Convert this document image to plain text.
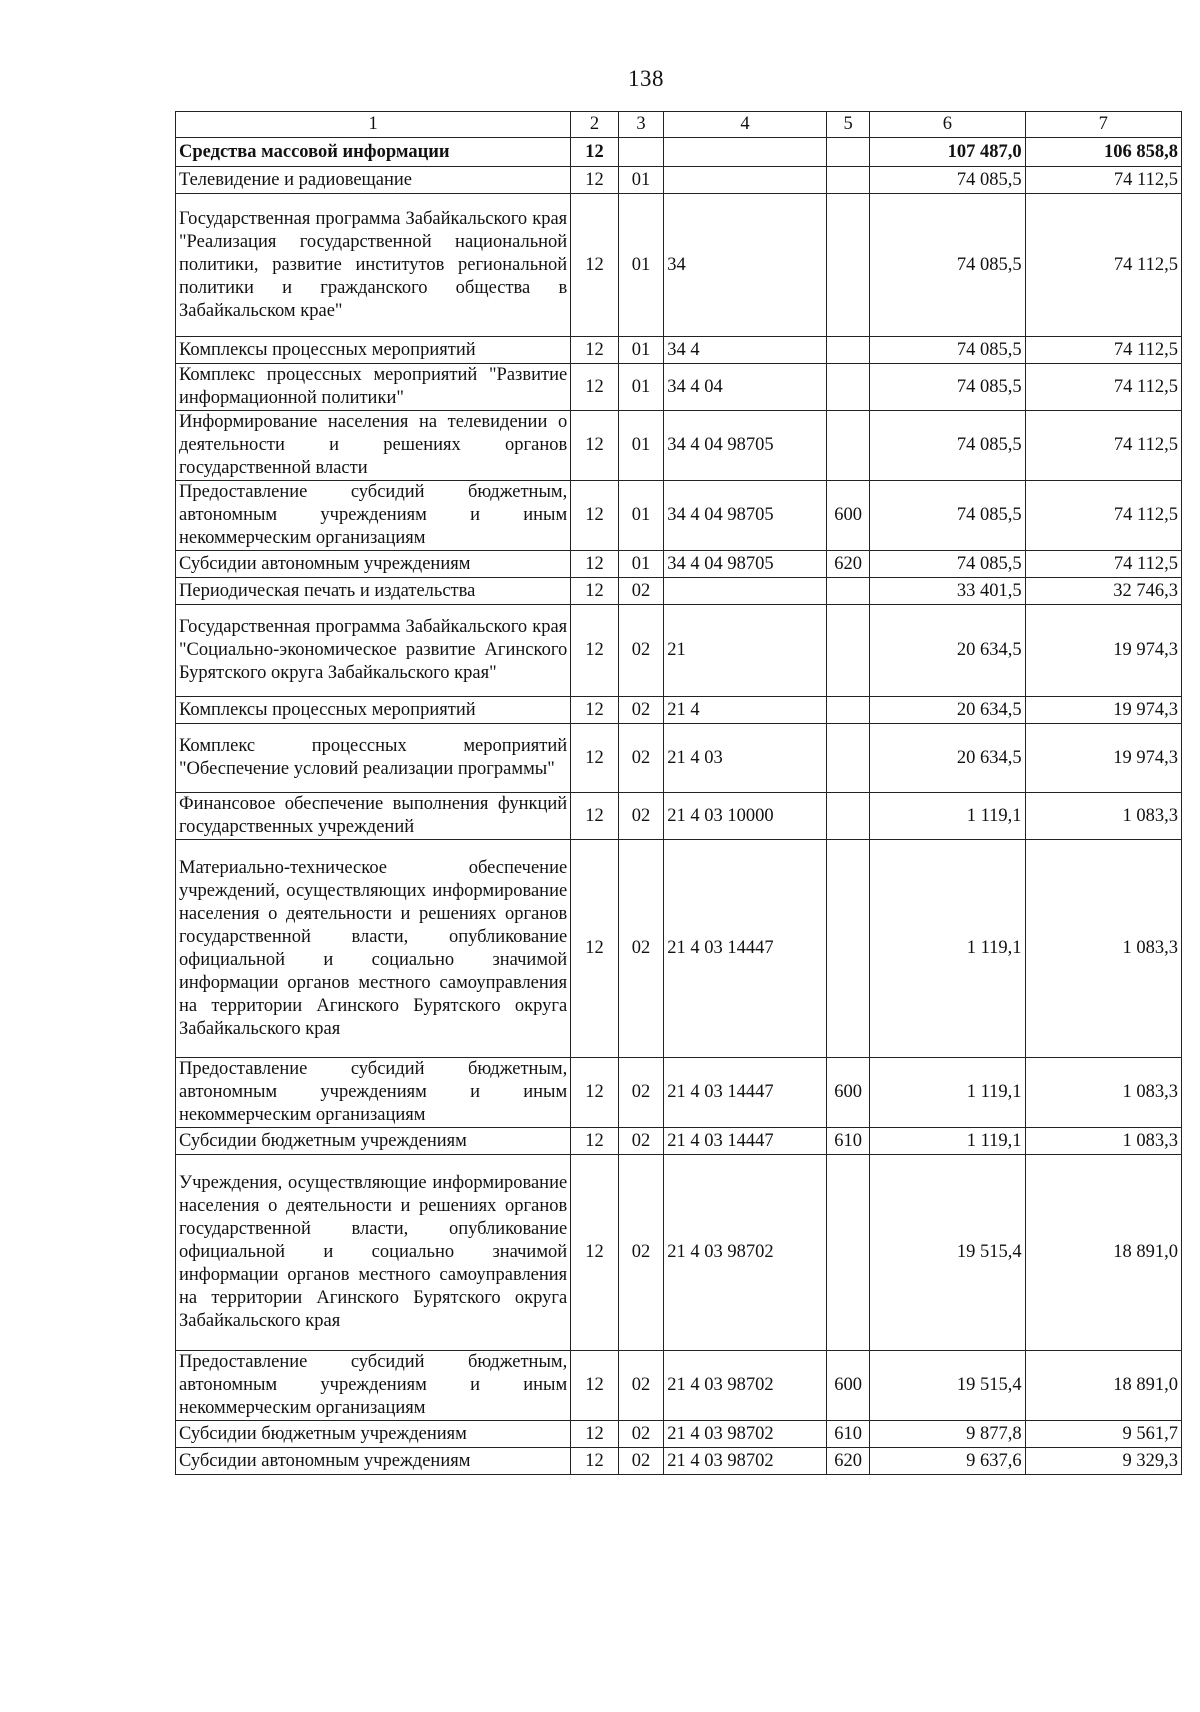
138
1	2	3	4	5	6	7
Средства массовой информации	12				107 487,0	106 858,8
Телевидение и радиовещание	12	01			74 085,5	74 112,5
Государственная программа Забайкальского края "Реализация государственной национальной политики, развитие институтов региональной политики и гражданского общества в Забайкальском крае"	12	01	34		74 085,5	74 112,5
Комплексы процессных мероприятий	12	01	34 4		74 085,5	74 112,5
Комплекс процессных мероприятий "Развитие информационной политики"	12	01	34 4 04		74 085,5	74 112,5
Информирование населения на телевидении о деятельности и решениях органов государственной власти	12	01	34 4 04 98705		74 085,5	74 112,5
Предоставление субсидий бюджетным, автономным учреждениям и иным некоммерческим организациям	12	01	34 4 04 98705	600	74 085,5	74 112,5
Субсидии автономным учреждениям	12	01	34 4 04 98705	620	74 085,5	74 112,5
Периодическая печать и издательства	12	02			33 401,5	32 746,3
Государственная программа Забайкальского края "Социально-экономическое развитие Агинского Бурятского округа Забайкальского края"	12	02	21		20 634,5	19 974,3
Комплексы процессных мероприятий	12	02	21 4		20 634,5	19 974,3
Комплекс процессных мероприятий "Обеспечение условий реализации программы"	12	02	21 4 03		20 634,5	19 974,3
Финансовое обеспечение выполнения функций государственных учреждений	12	02	21 4 03 10000		1 119,1	1 083,3
Материально-техническое обеспечение учреждений, осуществляющих информирование населения о деятельности и решениях органов государственной власти, опубликование официальной и социально значимой информации органов местного самоуправления на территории Агинского Бурятского округа Забайкальского края	12	02	21 4 03 14447		1 119,1	1 083,3
Предоставление субсидий бюджетным, автономным учреждениям и иным некоммерческим организациям	12	02	21 4 03 14447	600	1 119,1	1 083,3
Субсидии бюджетным учреждениям	12	02	21 4 03 14447	610	1 119,1	1 083,3
Учреждения, осуществляющие информирование населения о деятельности и решениях органов государственной власти, опубликование официальной и социально значимой информации органов местного самоуправления на территории Агинского Бурятского округа Забайкальского края	12	02	21 4 03 98702		19 515,4	18 891,0
Предоставление субсидий бюджетным, автономным учреждениям и иным некоммерческим организациям	12	02	21 4 03 98702	600	19 515,4	18 891,0
Субсидии бюджетным учреждениям	12	02	21 4 03 98702	610	9 877,8	9 561,7
Субсидии автономным учреждениям	12	02	21 4 03 98702	620	9 637,6	9 329,3
